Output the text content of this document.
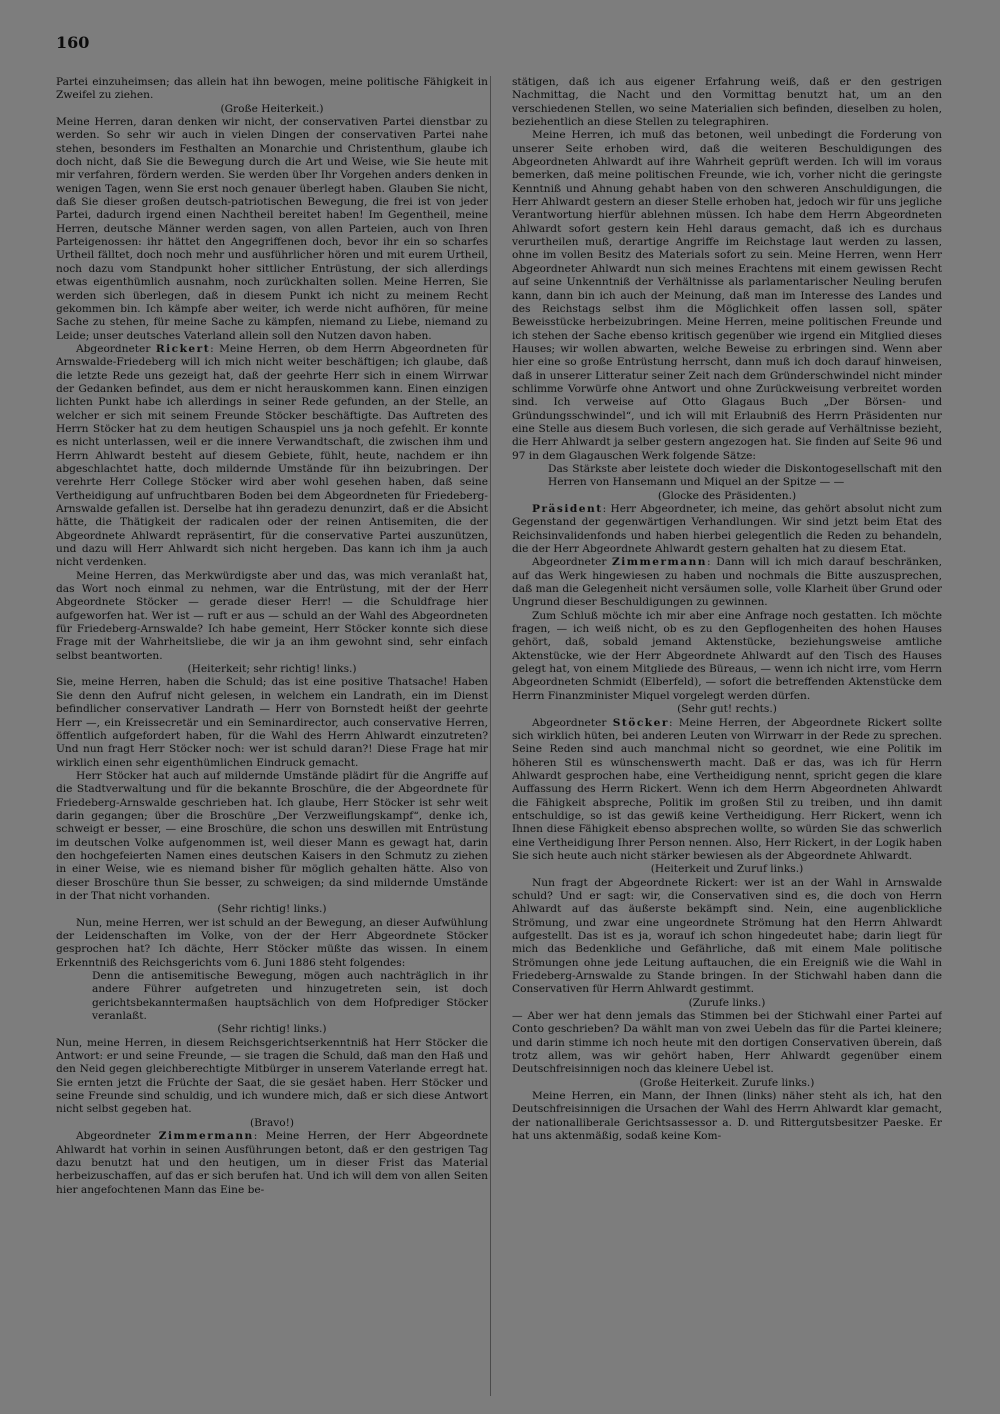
160

Partei einzuheimsen; das allein hat ihn bewogen, meine politische Fähigkeit in Zweifel zu ziehen.

(Große Heiterkeit.)

Meine Herren, daran denken wir nicht, der conservativen Partei dienstbar zu werden. So sehr wir auch in vielen Dingen der conservativen Partei nahe stehen, besonders im Festhalten an Monarchie und Christenthum, glaube ich doch nicht, daß Sie die Bewegung durch die Art und Weise, wie Sie heute mit mir verfahren, fördern werden. Sie werden über Ihr Vorgehen anders denken in wenigen Tagen, wenn Sie erst noch genauer überlegt haben. Glauben Sie nicht, daß Sie dieser großen deutsch-patriotischen Bewegung, die frei ist von jeder Partei, dadurch irgend einen Nachtheil bereitet haben! Im Gegentheil, meine Herren, deutsche Männer werden sagen, von allen Parteien, auch von Ihren Parteigenossen: ihr hättet den Angegriffenen doch, bevor ihr ein so scharfes Urtheil fälltet, doch noch mehr und ausführlicher hören und mit eurem Urtheil, noch dazu vom Standpunkt hoher sittlicher Entrüstung, der sich allerdings etwas eigenthümlich ausnahm, noch zurückhalten sollen. Meine Herren, Sie werden sich überlegen, daß in diesem Punkt ich nicht zu meinem Recht gekommen bin. Ich kämpfe aber weiter, ich werde nicht aufhören, für meine Sache zu stehen, für meine Sache zu kämpfen, niemand zu Liebe, niemand zu Leide; unser deutsches Vaterland allein soll den Nutzen davon haben.

Abgeordneter Rickert: Meine Herren, ob dem Herrn Abgeordneten für Arnswalde-Friedeberg will ich mich nicht weiter beschäftigen; ich glaube, daß die letzte Rede uns gezeigt hat, daß der geehrte Herr sich in einem Wirrwar der Gedanken befindet, aus dem er nicht herauskommen kann. Einen einzigen lichten Punkt habe ich allerdings in seiner Rede gefunden, an der Stelle, an welcher er sich mit seinem Freunde Stöcker beschäftigte. Das Auftreten des Herrn Stöcker hat zu dem heutigen Schauspiel uns ja noch gefehlt. Er konnte es nicht unterlassen, weil er die innere Verwandtschaft, die zwischen ihm und Herrn Ahlwardt besteht auf diesem Gebiete, fühlt, heute, nachdem er ihn abgeschlachtet hatte, doch mildernde Umstände für ihn beizubringen. Der verehrte Herr College Stöcker wird aber wohl gesehen haben, daß seine Vertheidigung auf unfruchtbaren Boden bei dem Abgeordneten für Friedeberg-Arnswalde gefallen ist. Derselbe hat ihn geradezu denunzirt, daß er die Absicht hätte, die Thätigkeit der radicalen oder der reinen Antisemiten, die der Abgeordnete Ahlwardt repräsentirt, für die conservative Partei auszunützen, und dazu will Herr Ahlwardt sich nicht hergeben. Das kann ich ihm ja auch nicht verdenken.

Meine Herren, das Merkwürdigste aber und das, was mich veranlaßt hat, das Wort noch einmal zu nehmen, war die Entrüstung, mit der der Herr Abgeordnete Stöcker — gerade dieser Herr! — die Schuldfrage hier aufgeworfen hat. Wer ist — ruft er aus — schuld an der Wahl des Abgeordneten für Friedeberg-Arnswalde? Ich habe gemeint, Herr Stöcker konnte sich diese Frage mit der Wahrheitsliebe, die wir ja an ihm gewohnt sind, sehr einfach selbst beantworten.

(Heiterkeit; sehr richtig! links.)

Sie, meine Herren, haben die Schuld; das ist eine positive Thatsache! Haben Sie denn den Aufruf nicht gelesen, in welchem ein Landrath, ein im Dienst befindlicher conservativer Landrath — Herr von Bornstedt heißt der geehrte Herr —, ein Kreissecretär und ein Seminardirector, auch conservative Herren, öffentlich aufgefordert haben, für die Wahl des Herrn Ahlwardt einzutreten? Und nun fragt Herr Stöcker noch: wer ist schuld daran?! Diese Frage hat mir wirklich einen sehr eigenthümlichen Eindruck gemacht.

Herr Stöcker hat auch auf mildernde Umstände plädirt für die Angriffe auf die Stadtverwaltung und für die bekannte Broschüre, die der Abgeordnete für Friedeberg-Arnswalde geschrieben hat. Ich glaube, Herr Stöcker ist sehr weit darin gegangen; über die Broschüre „Der Verzweiflungskampf“, denke ich, schweigt er besser, — eine Broschüre, die schon uns deswillen mit Entrüstung im deutschen Volke aufgenommen ist, weil dieser Mann es gewagt hat, darin den hochgefeierten Namen eines deutschen Kaisers in den Schmutz zu ziehen in einer Weise, wie es niemand bisher für möglich gehalten hätte. Also von dieser Broschüre thun Sie besser, zu schweigen; da sind mildernde Umstände in der That nicht vorhanden.

(Sehr richtig! links.)

Nun, meine Herren, wer ist schuld an der Bewegung, an dieser Aufwühlung der Leidenschaften im Volke, von der der Herr Abgeordnete Stöcker gesprochen hat? Ich dächte, Herr Stöcker müßte das wissen. In einem Erkenntniß des Reichsgerichts vom 6. Juni 1886 steht folgendes:

Denn die antisemitische Bewegung, mögen auch nachträglich in ihr andere Führer aufgetreten und hinzugetreten sein, ist doch gerichtsbekanntermaßen hauptsächlich von dem Hofprediger Stöcker veranlaßt.

(Sehr richtig! links.)

Nun, meine Herren, in diesem Reichsgerichtserkenntniß hat Herr Stöcker die Antwort: er und seine Freunde, — sie tragen die Schuld, daß man den Haß und den Neid gegen gleichberechtigte Mitbürger in unserem Vaterlande erregt hat. Sie ernten jetzt die Früchte der Saat, die sie gesäet haben. Herr Stöcker und seine Freunde sind schuldig, und ich wundere mich, daß er sich diese Antwort nicht selbst gegeben hat.

(Bravo!)

Abgeordneter Zimmermann: Meine Herren, der Herr Abgeordnete Ahlwardt hat vorhin in seinen Ausführungen betont, daß er den gestrigen Tag dazu benutzt hat und den heutigen, um in dieser Frist das Material herbeizuschaffen, auf das er sich berufen hat. Und ich will dem von allen Seiten hier angefochtenen Mann das Eine be-

stätigen, daß ich aus eigener Erfahrung weiß, daß er den gestrigen Nachmittag, die Nacht und den Vormittag benutzt hat, um an den verschiedenen Stellen, wo seine Materialien sich befinden, dieselben zu holen, beziehentlich an diese Stellen zu telegraphiren.

Meine Herren, ich muß das betonen, weil unbedingt die Forderung von unserer Seite erhoben wird, daß die weiteren Beschuldigungen des Abgeordneten Ahlwardt auf ihre Wahrheit geprüft werden. Ich will im voraus bemerken, daß meine politischen Freunde, wie ich, vorher nicht die geringste Kenntniß und Ahnung gehabt haben von den schweren Anschuldigungen, die Herr Ahlwardt gestern an dieser Stelle erhoben hat, jedoch wir für uns jegliche Verantwortung hierfür ablehnen müssen. Ich habe dem Herrn Abgeordneten Ahlwardt sofort gestern kein Hehl daraus gemacht, daß ich es durchaus verurtheilen muß, derartige Angriffe im Reichstage laut werden zu lassen, ohne im vollen Besitz des Materials sofort zu sein. Meine Herren, wenn Herr Abgeordneter Ahlwardt nun sich meines Erachtens mit einem gewissen Recht auf seine Unkenntniß der Verhältnisse als parlamentarischer Neuling berufen kann, dann bin ich auch der Meinung, daß man im Interesse des Landes und des Reichstags selbst ihm die Möglichkeit offen lassen soll, später Beweisstücke herbeizubringen. Meine Herren, meine politischen Freunde und ich stehen der Sache ebenso kritisch gegenüber wie irgend ein Mitglied dieses Hauses; wir wollen abwarten, welche Beweise zu erbringen sind. Wenn aber hier eine so große Entrüstung herrscht, dann muß ich doch darauf hinweisen, daß in unserer Litteratur seiner Zeit nach dem Gründerschwindel nicht minder schlimme Vorwürfe ohne Antwort und ohne Zurückweisung verbreitet worden sind. Ich verweise auf Otto Glagaus Buch „Der Börsen- und Gründungsschwindel“, und ich will mit Erlaubniß des Herrn Präsidenten nur eine Stelle aus diesem Buch vorlesen, die sich gerade auf Verhältnisse bezieht, die Herr Ahlwardt ja selber gestern angezogen hat. Sie finden auf Seite 96 und 97 in dem Glagauschen Werk folgende Sätze:

Das Stärkste aber leistete doch wieder die Diskontogesellschaft mit den Herren von Hansemann und Miquel an der Spitze — —

(Glocke des Präsidenten.)

Präsident: Herr Abgeordneter, ich meine, das gehört absolut nicht zum Gegenstand der gegenwärtigen Verhandlungen. Wir sind jetzt beim Etat des Reichsinvalidenfonds und haben hierbei gelegentlich die Reden zu behandeln, die der Herr Abgeordnete Ahlwardt gestern gehalten hat zu diesem Etat.

Abgeordneter Zimmermann: Dann will ich mich darauf beschränken, auf das Werk hingewiesen zu haben und nochmals die Bitte auszusprechen, daß man die Gelegenheit nicht versäumen solle, volle Klarheit über Grund oder Ungrund dieser Beschuldigungen zu gewinnen.

Zum Schluß möchte ich mir aber eine Anfrage noch gestatten. Ich möchte fragen, — ich weiß nicht, ob es zu den Gepflogenheiten des hohen Hauses gehört, daß, sobald jemand Aktenstücke, beziehungsweise amtliche Aktenstücke, wie der Herr Abgeordnete Ahlwardt auf den Tisch des Hauses gelegt hat, von einem Mitgliede des Büreaus, — wenn ich nicht irre, vom Herrn Abgeordneten Schmidt (Elberfeld), — sofort die betreffenden Aktenstücke dem Herrn Finanzminister Miquel vorgelegt werden dürfen.

(Sehr gut! rechts.)

Abgeordneter Stöcker: Meine Herren, der Abgeordnete Rickert sollte sich wirklich hüten, bei anderen Leuten von Wirrwarr in der Rede zu sprechen. Seine Reden sind auch manchmal nicht so geordnet, wie eine Politik im höheren Stil es wünschenswerth macht. Daß er das, was ich für Herrn Ahlwardt gesprochen habe, eine Vertheidigung nennt, spricht gegen die klare Auffassung des Herrn Rickert. Wenn ich dem Herrn Abgeordneten Ahlwardt die Fähigkeit abspreche, Politik im großen Stil zu treiben, und ihn damit entschuldige, so ist das gewiß keine Vertheidigung. Herr Rickert, wenn ich Ihnen diese Fähigkeit ebenso absprechen wollte, so würden Sie das schwerlich eine Vertheidigung Ihrer Person nennen. Also, Herr Rickert, in der Logik haben Sie sich heute auch nicht stärker bewiesen als der Abgeordnete Ahlwardt.

(Heiterkeit und Zuruf links.)

Nun fragt der Abgeordnete Rickert: wer ist an der Wahl in Arnswalde schuld? Und er sagt: wir, die Conservativen sind es, die doch von Herrn Ahlwardt auf das äußerste bekämpft sind. Nein, eine augenblickliche Strömung, und zwar eine ungeordnete Strömung hat den Herrn Ahlwardt aufgestellt. Das ist es ja, worauf ich schon hingedeutet habe; darin liegt für mich das Bedenkliche und Gefährliche, daß mit einem Male politische Strömungen ohne jede Leitung auftauchen, die ein Ereigniß wie die Wahl in Friedeberg-Arnswalde zu Stande bringen. In der Stichwahl haben dann die Conservativen für Herrn Ahlwardt gestimmt.

(Zurufe links.)

— Aber wer hat denn jemals das Stimmen bei der Stichwahl einer Partei auf Conto geschrieben? Da wählt man von zwei Uebeln das für die Partei kleinere; und darin stimme ich noch heute mit den dortigen Conservativen überein, daß trotz allem, was wir gehört haben, Herr Ahlwardt gegenüber einem Deutschfreisinnigen noch das kleinere Uebel ist.

(Große Heiterkeit. Zurufe links.)

Meine Herren, ein Mann, der Ihnen (links) näher steht als ich, hat den Deutschfreisinnigen die Ursachen der Wahl des Herrn Ahlwardt klar gemacht, der nationalliberale Gerichtsassessor a. D. und Rittergutsbesitzer Paeske. Er hat uns aktenmäßig, sodaß keine Kom-
